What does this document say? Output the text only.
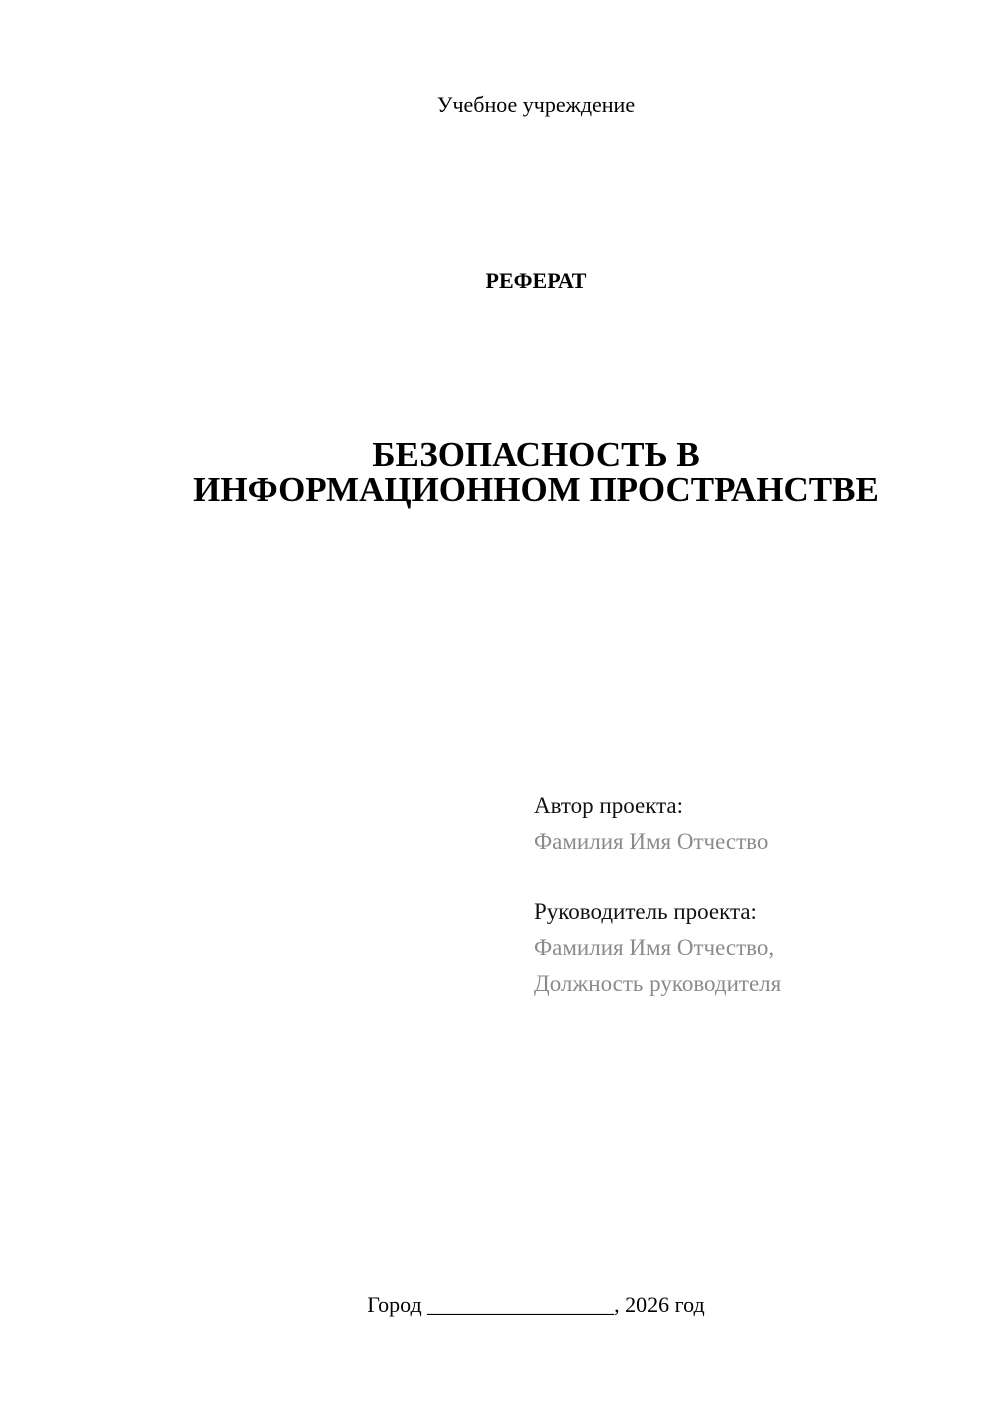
Учебное учреждение
РЕФЕРАТ
БЕЗОПАСНОСТЬ В
ИНФОРМАЦИОННОМ ПРОСТРАНСТВЕ
Автор проекта:
Фамилия Имя Отчество
Руководитель проекта:
Фамилия Имя Отчество,
Должность руководителя
Город _________________, 2026 год
